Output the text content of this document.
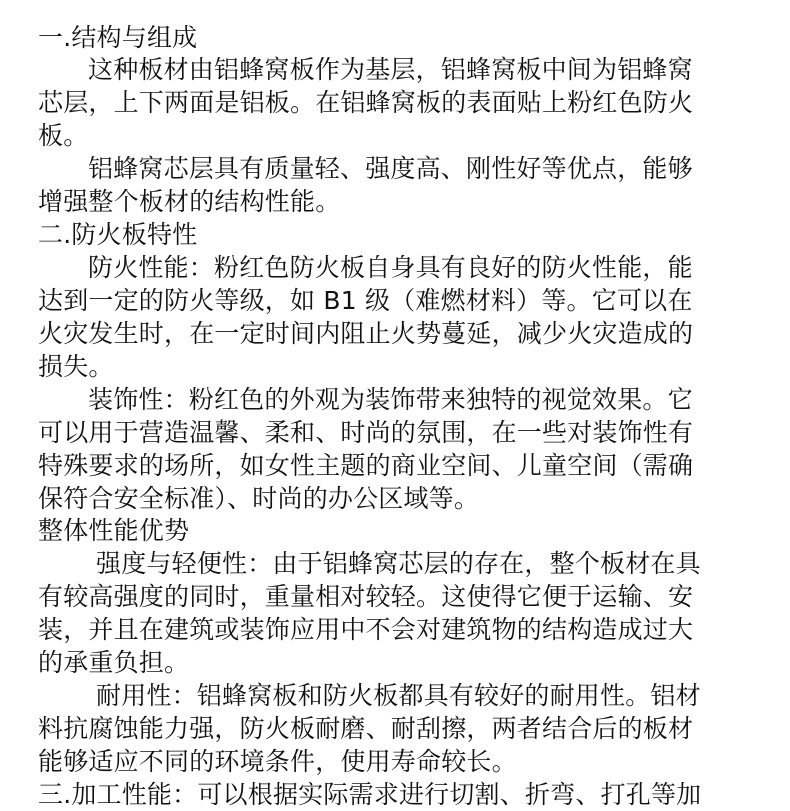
一.结构与组成
这种板材由铝蜂窝板作为基层，铝蜂窝板中间为铝蜂窝
芯层，上下两面是铝板。在铝蜂窝板的表面贴上粉红色防火
板。
铝蜂窝芯层具有质量轻、强度高、刚性好等优点，能够
增强整个板材的结构性能。
二.防火板特性
防火性能：粉红色防火板自身具有良好的防火性能，能
达到一定的防火等级，如 B1 级（难燃材料）等。它可以在
火灾发生时，在一定时间内阻止火势蔓延，减少火灾造成的
损失。
装饰性：粉红色的外观为装饰带来独特的视觉效果。它
可以用于营造温馨、柔和、时尚的氛围，在一些对装饰性有
特殊要求的场所，如女性主题的商业空间、儿童空间（需确
保符合安全标准）、时尚的办公区域等。
整体性能优势
强度与轻便性：由于铝蜂窝芯层的存在，整个板材在具
有较高强度的同时，重量相对较轻。这使得它便于运输、安
装，并且在建筑或装饰应用中不会对建筑物的结构造成过大
的承重负担。
耐用性：铝蜂窝板和防火板都具有较好的耐用性。铝材
料抗腐蚀能力强，防火板耐磨、耐刮擦，两者结合后的板材
能够适应不同的环境条件，使用寿命较长。
三.加工性能：可以根据实际需求进行切割、折弯、打孔等加
